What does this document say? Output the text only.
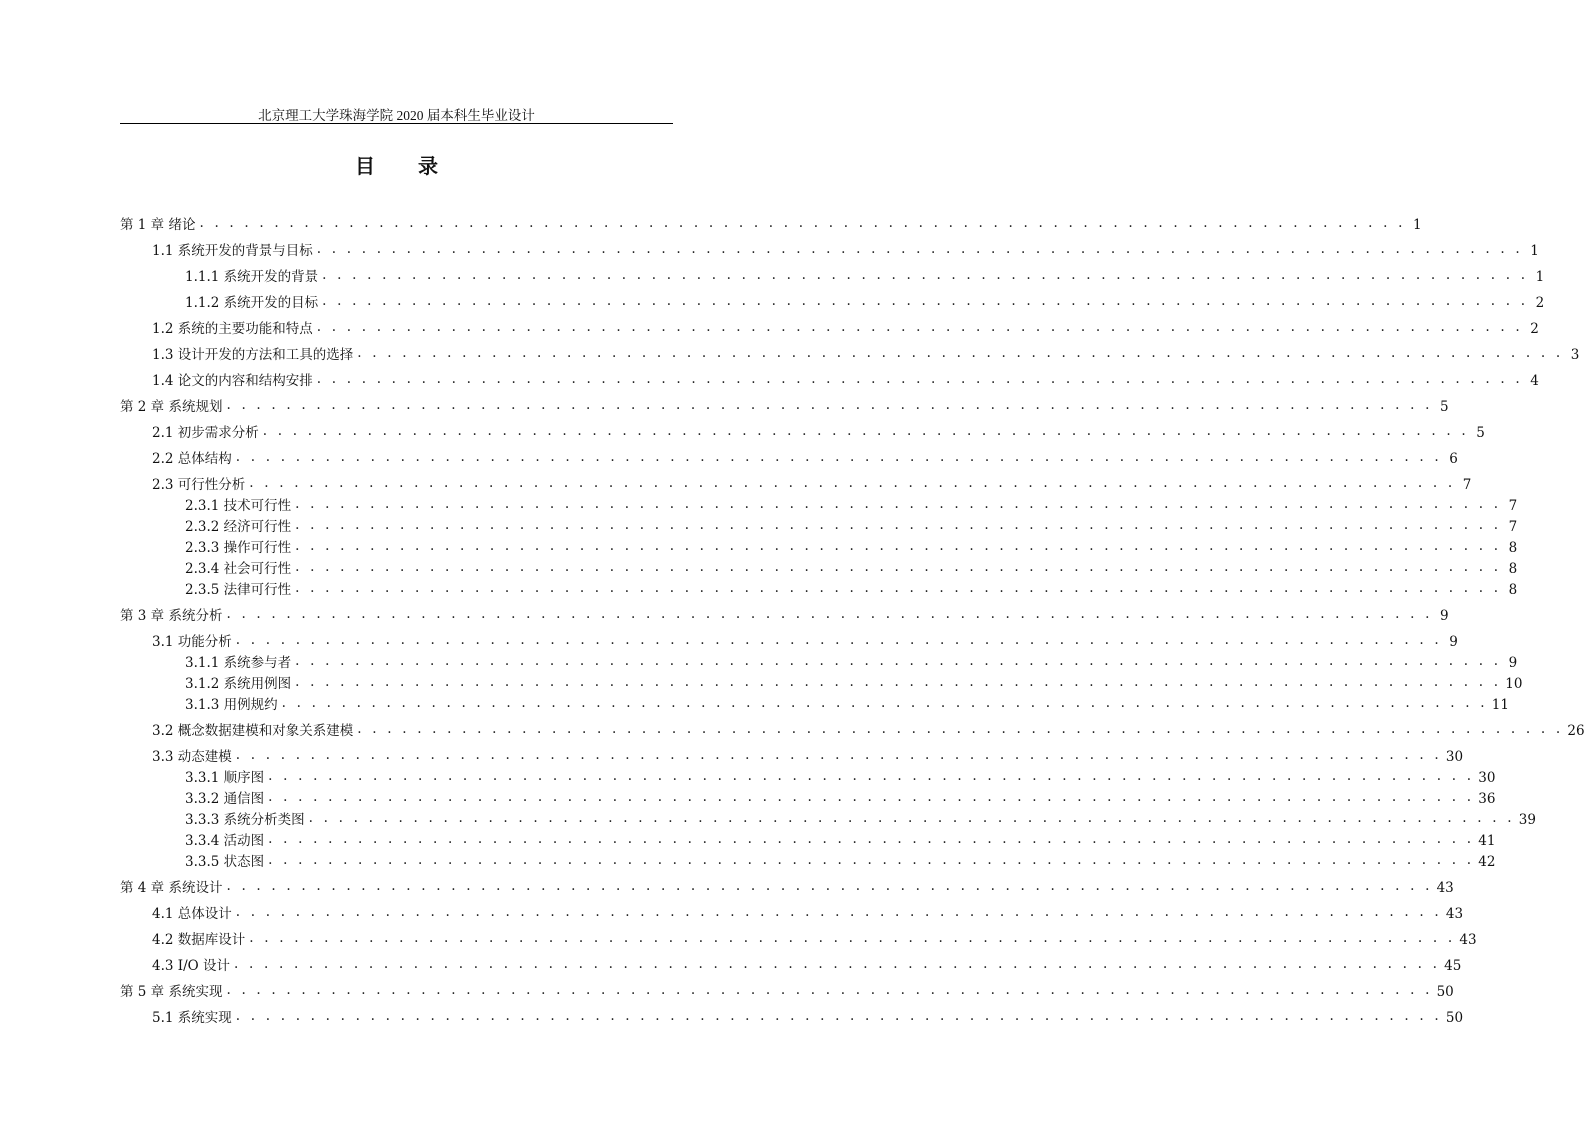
北京理工大学珠海学院 2020 届本科生毕业设计
目 录
第 1 章 绪论 . . . . . . . . . . . . . . . . . . . . . . . . . . . . . . . . . . . . . . . . . . . . . . . . . . . . . . . . . . . . . . . . . . . . . . . . . . . . . . . . . 1
1.1 系统开发的背景与目标 . . . . . . . . . . . . . . . . . . . . . . . . . . . . . . . . . . . . . . . . . . . . . . . . . . . . . . . . . . . . . . . . . . . . . . . . . . . . . . . . . 1
1.1.1 系统开发的背景 . . . . . . . . . . . . . . . . . . . . . . . . . . . . . . . . . . . . . . . . . . . . . . . . . . . . . . . . . . . . . . . . . . . . . . . . . . . . . . . . . 1
1.1.2 系统开发的目标 . . . . . . . . . . . . . . . . . . . . . . . . . . . . . . . . . . . . . . . . . . . . . . . . . . . . . . . . . . . . . . . . . . . . . . . . . . . . . . . . . 2
1.2 系统的主要功能和特点 . . . . . . . . . . . . . . . . . . . . . . . . . . . . . . . . . . . . . . . . . . . . . . . . . . . . . . . . . . . . . . . . . . . . . . . . . . . . . . . . . 2
1.3 设计开发的方法和工具的选择 . . . . . . . . . . . . . . . . . . . . . . . . . . . . . . . . . . . . . . . . . . . . . . . . . . . . . . . . . . . . . . . . . . . . . . . . . . . . . . . . . 3
1.4 论文的内容和结构安排 . . . . . . . . . . . . . . . . . . . . . . . . . . . . . . . . . . . . . . . . . . . . . . . . . . . . . . . . . . . . . . . . . . . . . . . . . . . . . . . . . 4
第 2 章 系统规划 . . . . . . . . . . . . . . . . . . . . . . . . . . . . . . . . . . . . . . . . . . . . . . . . . . . . . . . . . . . . . . . . . . . . . . . . . . . . . . . . . 5
2.1 初步需求分析 . . . . . . . . . . . . . . . . . . . . . . . . . . . . . . . . . . . . . . . . . . . . . . . . . . . . . . . . . . . . . . . . . . . . . . . . . . . . . . . . . 5
2.2 总体结构 . . . . . . . . . . . . . . . . . . . . . . . . . . . . . . . . . . . . . . . . . . . . . . . . . . . . . . . . . . . . . . . . . . . . . . . . . . . . . . . . . 6
2.3 可行性分析 . . . . . . . . . . . . . . . . . . . . . . . . . . . . . . . . . . . . . . . . . . . . . . . . . . . . . . . . . . . . . . . . . . . . . . . . . . . . . . . . . 7
2.3.1 技术可行性 . . . . . . . . . . . . . . . . . . . . . . . . . . . . . . . . . . . . . . . . . . . . . . . . . . . . . . . . . . . . . . . . . . . . . . . . . . . . . . . . . 7
2.3.2 经济可行性 . . . . . . . . . . . . . . . . . . . . . . . . . . . . . . . . . . . . . . . . . . . . . . . . . . . . . . . . . . . . . . . . . . . . . . . . . . . . . . . . . 7
2.3.3 操作可行性 . . . . . . . . . . . . . . . . . . . . . . . . . . . . . . . . . . . . . . . . . . . . . . . . . . . . . . . . . . . . . . . . . . . . . . . . . . . . . . . . . 8
2.3.4 社会可行性 . . . . . . . . . . . . . . . . . . . . . . . . . . . . . . . . . . . . . . . . . . . . . . . . . . . . . . . . . . . . . . . . . . . . . . . . . . . . . . . . . 8
2.3.5 法律可行性 . . . . . . . . . . . . . . . . . . . . . . . . . . . . . . . . . . . . . . . . . . . . . . . . . . . . . . . . . . . . . . . . . . . . . . . . . . . . . . . . . 8
第 3 章 系统分析 . . . . . . . . . . . . . . . . . . . . . . . . . . . . . . . . . . . . . . . . . . . . . . . . . . . . . . . . . . . . . . . . . . . . . . . . . . . . . . . . . 9
3.1 功能分析 . . . . . . . . . . . . . . . . . . . . . . . . . . . . . . . . . . . . . . . . . . . . . . . . . . . . . . . . . . . . . . . . . . . . . . . . . . . . . . . . . 9
3.1.1 系统参与者 . . . . . . . . . . . . . . . . . . . . . . . . . . . . . . . . . . . . . . . . . . . . . . . . . . . . . . . . . . . . . . . . . . . . . . . . . . . . . . . . . 9
3.1.2 系统用例图 . . . . . . . . . . . . . . . . . . . . . . . . . . . . . . . . . . . . . . . . . . . . . . . . . . . . . . . . . . . . . . . . . . . . . . . . . . . . . . . . . 10
3.1.3 用例规约 . . . . . . . . . . . . . . . . . . . . . . . . . . . . . . . . . . . . . . . . . . . . . . . . . . . . . . . . . . . . . . . . . . . . . . . . . . . . . . . . . 11
3.2 概念数据建模和对象关系建模 . . . . . . . . . . . . . . . . . . . . . . . . . . . . . . . . . . . . . . . . . . . . . . . . . . . . . . . . . . . . . . . . . . . . . . . . . . . . . . . . . 26
3.3 动态建模 . . . . . . . . . . . . . . . . . . . . . . . . . . . . . . . . . . . . . . . . . . . . . . . . . . . . . . . . . . . . . . . . . . . . . . . . . . . . . . . . . 30
3.3.1 顺序图 . . . . . . . . . . . . . . . . . . . . . . . . . . . . . . . . . . . . . . . . . . . . . . . . . . . . . . . . . . . . . . . . . . . . . . . . . . . . . . . . . 30
3.3.2 通信图 . . . . . . . . . . . . . . . . . . . . . . . . . . . . . . . . . . . . . . . . . . . . . . . . . . . . . . . . . . . . . . . . . . . . . . . . . . . . . . . . . 36
3.3.3 系统分析类图 . . . . . . . . . . . . . . . . . . . . . . . . . . . . . . . . . . . . . . . . . . . . . . . . . . . . . . . . . . . . . . . . . . . . . . . . . . . . . . . . . 39
3.3.4 活动图 . . . . . . . . . . . . . . . . . . . . . . . . . . . . . . . . . . . . . . . . . . . . . . . . . . . . . . . . . . . . . . . . . . . . . . . . . . . . . . . . . 41
3.3.5 状态图 . . . . . . . . . . . . . . . . . . . . . . . . . . . . . . . . . . . . . . . . . . . . . . . . . . . . . . . . . . . . . . . . . . . . . . . . . . . . . . . . . 42
第 4 章 系统设计 . . . . . . . . . . . . . . . . . . . . . . . . . . . . . . . . . . . . . . . . . . . . . . . . . . . . . . . . . . . . . . . . . . . . . . . . . . . . . . . . . 43
4.1 总体设计 . . . . . . . . . . . . . . . . . . . . . . . . . . . . . . . . . . . . . . . . . . . . . . . . . . . . . . . . . . . . . . . . . . . . . . . . . . . . . . . . . 43
4.2 数据库设计 . . . . . . . . . . . . . . . . . . . . . . . . . . . . . . . . . . . . . . . . . . . . . . . . . . . . . . . . . . . . . . . . . . . . . . . . . . . . . . . . . 43
4.3 I/O 设计 . . . . . . . . . . . . . . . . . . . . . . . . . . . . . . . . . . . . . . . . . . . . . . . . . . . . . . . . . . . . . . . . . . . . . . . . . . . . . . . . . 45
第 5 章 系统实现 . . . . . . . . . . . . . . . . . . . . . . . . . . . . . . . . . . . . . . . . . . . . . . . . . . . . . . . . . . . . . . . . . . . . . . . . . . . . . . . . . 50
5.1 系统实现 . . . . . . . . . . . . . . . . . . . . . . . . . . . . . . . . . . . . . . . . . . . . . . . . . . . . . . . . . . . . . . . . . . . . . . . . . . . . . . . . . 50
